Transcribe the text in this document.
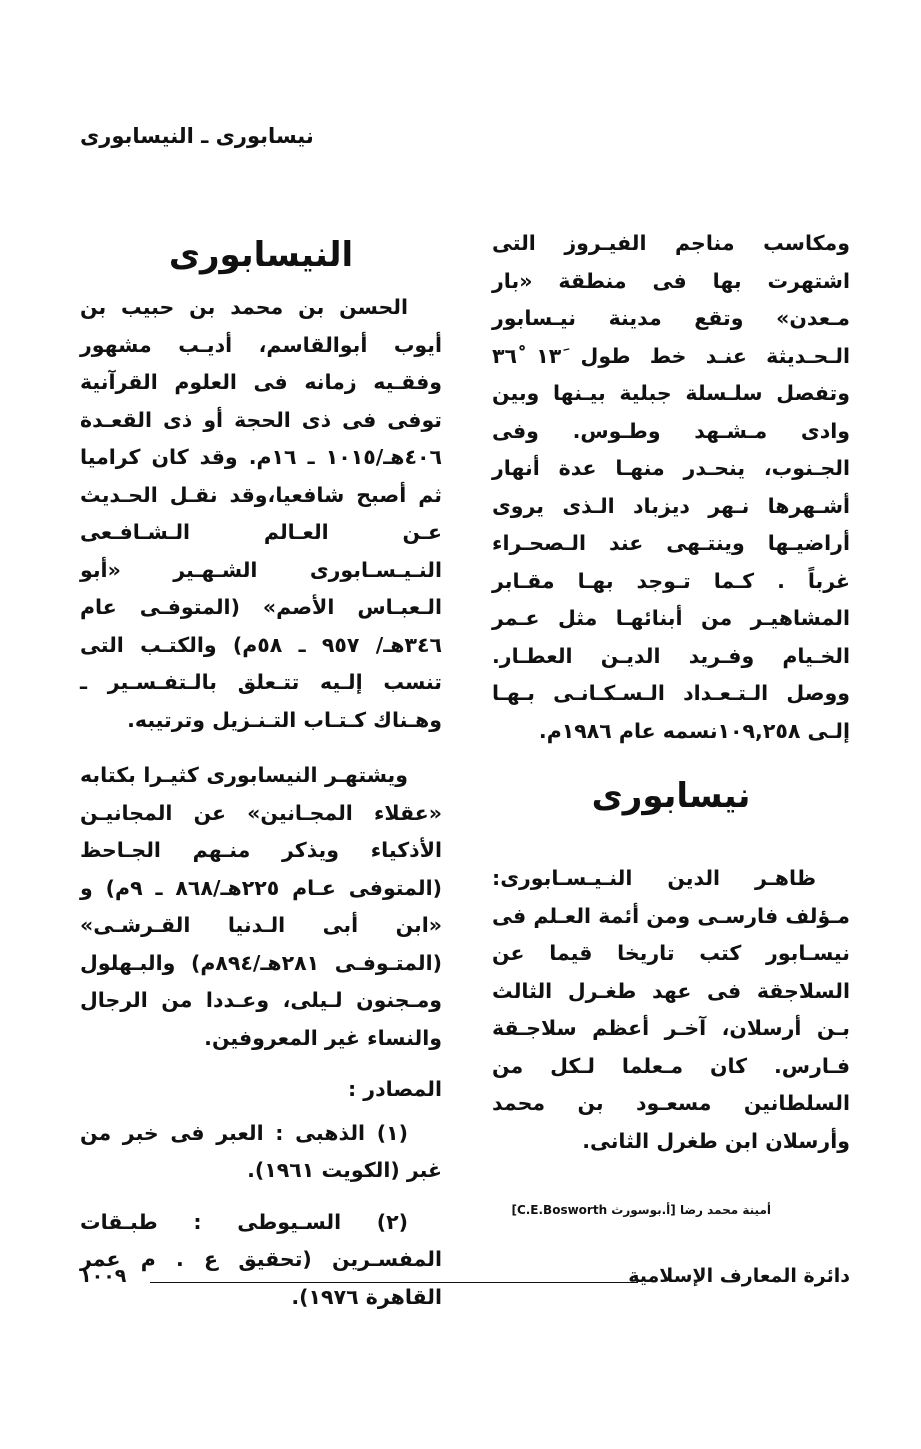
نيسابوری ـ النيسابوری

ومكاسب مناجم الفيـروز التى اشتهرت بها فى منطقة «بار مـعدن» وتقع مدينة نيـسابور الـحـديثة عنـد خط طول ١٣َ ٣٦ْ وتفصل سلـسلة جبلية بيـنها وبين وادى مـشـهد وطـوس. وفى الجـنوب، ينحـدر منهـا عدة أنهار أشـهرها نـهر ديزباد الـذى يروى أراضيـها وينتـهى عند الـصحـراء غرباً . كـما تـوجد بهـا مقـابر المشاهيـر من أبنائهـا مثل عـمر الخـيام وفـريد الديـن العطـار. ووصل الـتـعـداد الـسـكـانـى بـهـا إلـى ١٠٩,٢٥٨نسمه عام ١٩٨٦م.

نيسابورى

ظاهـر الدين النـيـسـابورى: مـؤلف فارسـى ومن أئمة العـلم فى نيسـابور كتب تاريخا قيما عن السلاجقة فى عهد طغـرل الثالث بـن أرسلان، آخـر أعظم سلاجـقة فـارس. كان مـعلما لـكل من السلطانين مسعـود بن محمد وأرسلان ابن طغرل الثانى.

أمينة محمد رضا [أ.بوسورث C.E.Bosworth]
النيسابورى

الحسن بن محمد بن حبيب بن أيوب أبوالقاسم، أديـب مشهور وفقـيه زمانه فى العلوم القرآنية توفى فى ذى الحجة أو ذى القعـدة ٤٠٦هـ/١٠١٥ ـ ١٦م. وقد كان كراميا ثم أصبح شافعيا،وقد نقـل الحـديث عـن العـالم الـشـافـعى النـيـسـابورى الشـهـير «أبو الـعبـاس الأصم» (المتوفـى عام ٣٤٦هـ/ ٩٥٧ ـ ٥٨م) والكتـب التى تنسب إلـيه تتـعلق بالـتفـسـير ـ وهـناك كـتـاب التـنـزيل وترتيبه.

ويشتهـر النيسابورى كثيـرا بكتابه «عقلاء المجـانين» عن المجانيـن الأذكياء ويذكر منـهم الجـاحظ (المتوفى عـام ٢٢٥هـ/٨٦٨ ـ ٩م) و «ابن أبى الـدنيا القـرشـى» (المتـوفـى ٢٨١هـ/٨٩٤م) والبـهلول ومـجنون لـيلى، وعـددا من الرجال والنساء غير المعروفين.

المصادر :

(١) الذهبى : العبر فى خبر من غبر (الكويت ١٩٦١).

(٢) السـيوطى : طبـقات المفسـرين (تحقيق ع . م عمر القاهرة ١٩٧٦).

دائرة المعارف الإسلامية
١٠٠٩
